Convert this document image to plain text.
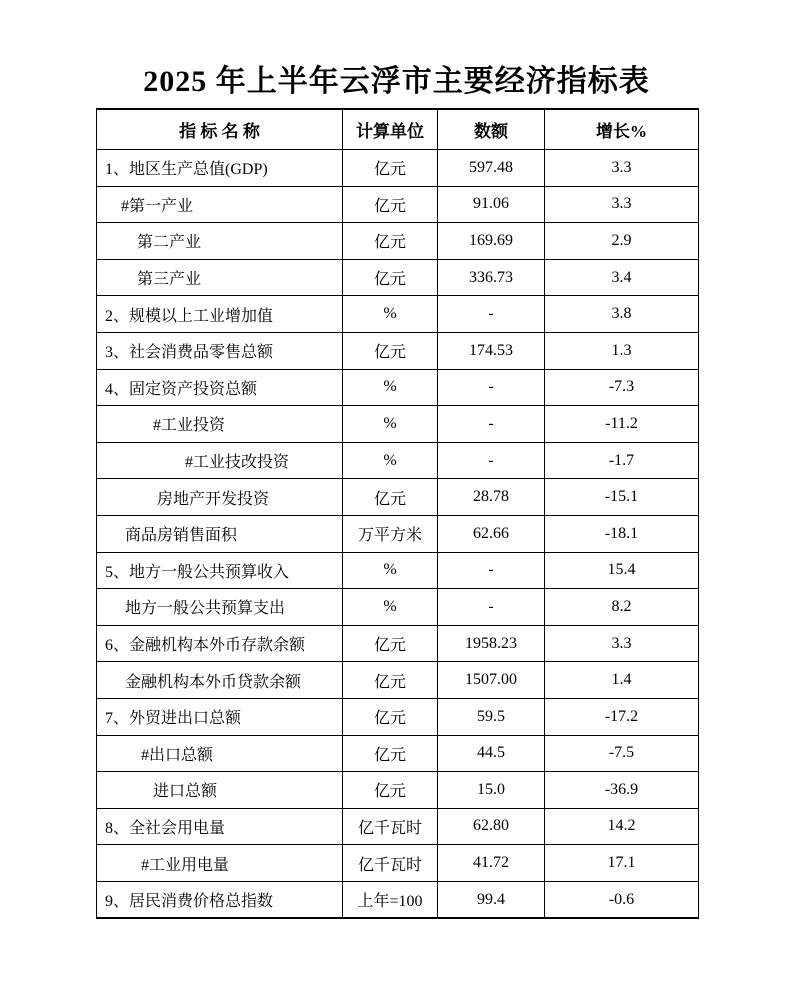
2025 年上半年云浮市主要经济指标表
指 标 名 称	计算单位	数额	增长%
1、地区生产总值(GDP)	亿元	597.48	3.3
　#第一产业	亿元	91.06	3.3
　　第二产业	亿元	169.69	2.9
　　第三产业	亿元	336.73	3.4
2、规模以上工业增加值	%	-	3.8
3、社会消费品零售总额	亿元	174.53	1.3
4、固定资产投资总额	%	-	-7.3
　　　#工业投资	%	-	-11.2
　　　　　#工业技改投资	%	-	-1.7
　　　 房地产开发投资	亿元	28.78	-15.1
　 商品房销售面积	万平方米	62.66	-18.1
5、地方一般公共预算收入	%	-	15.4
　 地方一般公共预算支出	%	-	8.2
6、金融机构本外币存款余额	亿元	1958.23	3.3
　 金融机构本外币贷款余额	亿元	1507.00	1.4
7、外贸进出口总额	亿元	59.5	-17.2
　　 #出口总额	亿元	44.5	-7.5
　　　进口总额	亿元	15.0	-36.9
8、全社会用电量	亿千瓦时	62.80	14.2
　　 #工业用电量	亿千瓦时	41.72	17.1
9、居民消费价格总指数	上年=100	99.4	-0.6
